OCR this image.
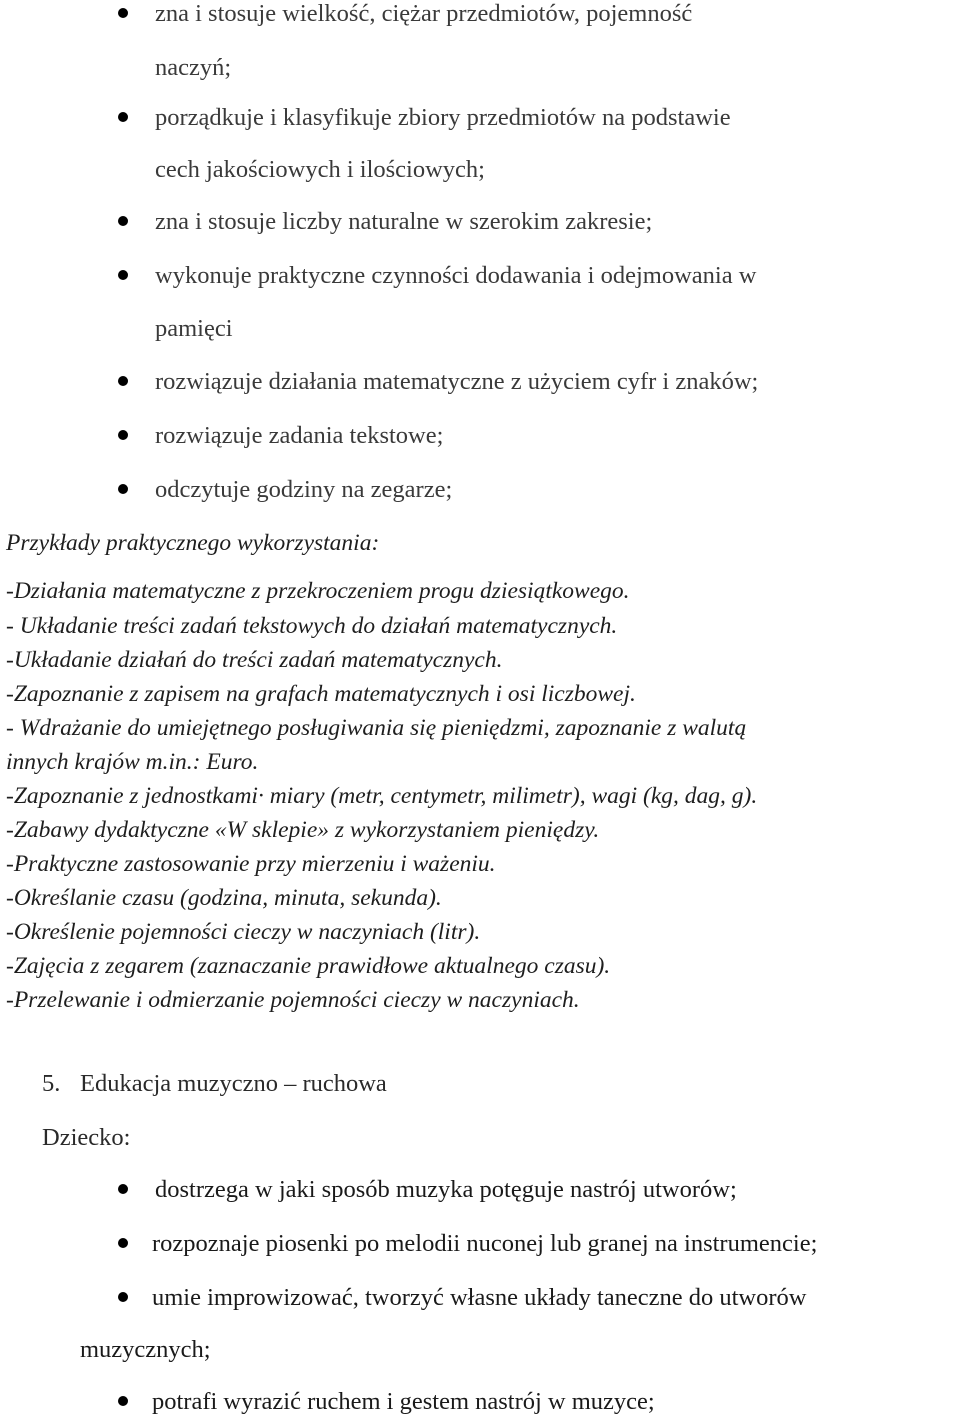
zna i stosuje wielkość, ciężar przedmiotów, pojemność
naczyń;
porządkuje i klasyfikuje zbiory przedmiotów na podstawie
cech jakościowych i ilościowych;
zna i stosuje liczby naturalne w szerokim zakresie;
wykonuje praktyczne czynności dodawania i odejmowania w
pamięci
rozwiązuje działania matematyczne z użyciem cyfr i znaków;
rozwiązuje zadania tekstowe;
odczytuje godziny na zegarze;
Przykłady praktycznego wykorzystania:
-Działania matematyczne z przekroczeniem progu dziesiątkowego.
- Układanie treści zadań tekstowych do działań matematycznych.
-Układanie działań do treści zadań matematycznych.
-Zapoznanie z zapisem na grafach matematycznych i osi liczbowej.
- Wdrażanie do umiejętnego posługiwania się pieniędzmi, zapoznanie z walutą
innych krajów m.in.: Euro.
-Zapoznanie z jednostkami· miary (metr, centymetr, milimetr), wagi (kg, dag, g).
-Zabawy dydaktyczne «W sklepie» z wykorzystaniem pieniędzy.
-Praktyczne zastosowanie przy mierzeniu i ważeniu.
-Określanie czasu (godzina, minuta, sekunda).
-Określenie pojemności cieczy w naczyniach (litr).
-Zajęcia z zegarem (zaznaczanie prawidłowe aktualnego czasu).
-Przelewanie i odmierzanie pojemności cieczy w naczyniach.
5. Edukacja muzyczno – ruchowa
Dziecko:
dostrzega w jaki sposób muzyka potęguje nastrój utworów;
rozpoznaje piosenki po melodii nuconej lub granej na instrumencie;
umie improwizować, tworzyć własne układy taneczne do utworów
muzycznych;
potrafi wyrazić ruchem i gestem nastrój w muzyce;
